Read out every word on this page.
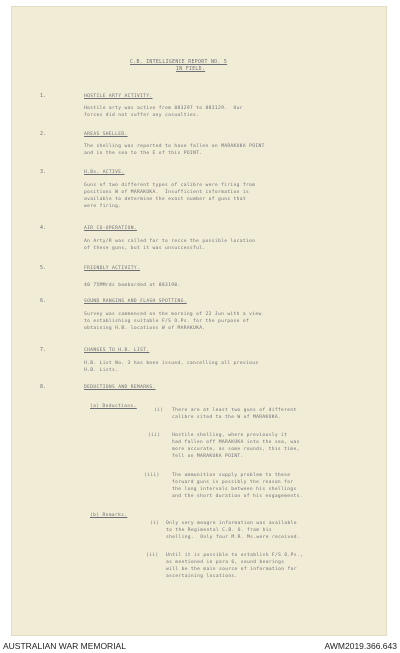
C.B. INTELLIGENCE REPORT NO. 5

IN FIELD.

1.	HOSTILE ARTY ACTIVITY.

Hostile arty was active from 883297 to 883129.  Our
forces did not suffer any casualties.

2.	AREAS SHELLED.

The shelling was reported to have fallen on MARAKUKA POINT
and in the sea to the E of this POINT.

3.	H.Bs. ACTIVE.

Guns of two different types of calibre were firing from
positions W of MARAKUKA.  Insufficient information is
available to determine the exact number of guns that
were firing.

4.	AIR CO-OPERATION.

An Arty/R was called for to recce the possible location
of these guns, but it was unsuccessful.

5.	FRIENDLY ACTIVITY.

40 75MMrds bombarded at 883190.

6.	SOUND RANGING AND FLASH SPOTTING.

Survey was commenced on the morning of 22 Jun with a view
to establishing suitable F/S O.Ps. for the purpose of
obtaining H.B. locations W of MARAKUKA.

7.	CHANGES TO H.B. LIST.

H.B. List No. 3 has been issued, cancelling all previous
H.B. Lists.

8.	DEDUCTIONS AND REMARKS.

(a) Deductions.

(i) There are at least two guns of different
calibre sited to the W of MARAKUKA.

(ii)	Hostile shelling, where previously it
had fallen off MARAKUKA into the sea, was
more accurate, as some rounds, this time,
fell on MARAKUKA POINT.

(iii)	The ammunition supply problem to these
forward guns is possibly the reason for
the long intervals between his shellings
and the short duration of his engagements.

(b) Remarks.

(i) Only very meagre information was available
to the Regimental C.B. O. from his
shelling.  Only four M.R. Ms.were received.

(ii) Until it is possible to establish F/S O.Ps.,
as mentioned in para 6, sound bearings
will be the main source of information for
ascertaining locations.

AUSTRALIAN WAR MEMORIAL	AWM2019.366.643
